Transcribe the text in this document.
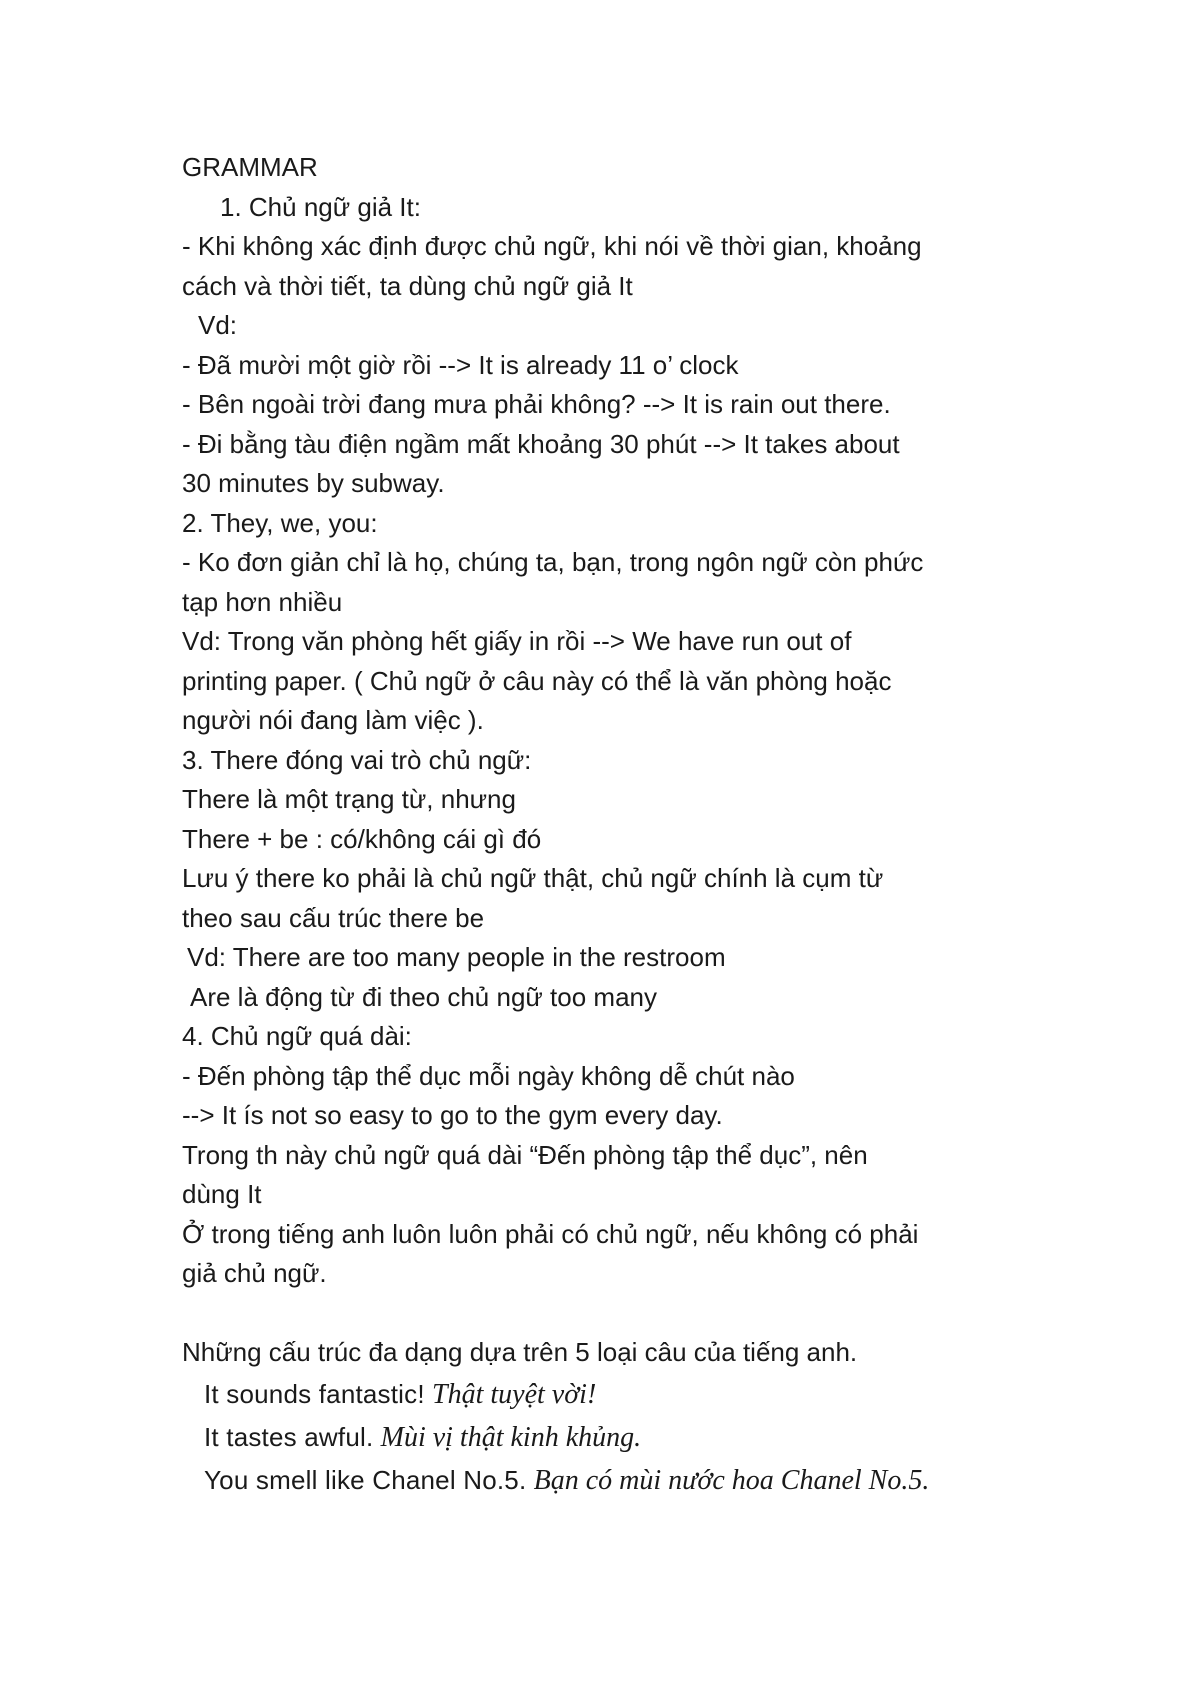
GRAMMAR
1. Chủ ngữ giả It:
- Khi không xác định được chủ ngữ, khi nói về thời gian, khoảng
cách và thời tiết, ta dùng chủ ngữ giả It
Vd:
- Đã mười một giờ rồi --> It is already 11 o’ clock
- Bên ngoài trời đang mưa phải không? --> It is rain out there.
- Đi bằng tàu điện ngầm mất khoảng 30 phút --> It takes about
30 minutes by subway.
2. They, we, you:
- Ko đơn giản chỉ là họ, chúng ta, bạn, trong ngôn ngữ còn phức
tạp hơn nhiều
Vd: Trong văn phòng hết giấy in rồi --> We have run out of
printing paper. ( Chủ ngữ ở câu này có thể là văn phòng hoặc
người nói đang làm việc ).
3. There đóng vai trò chủ ngữ:
There là một trạng từ, nhưng
There + be : có/không cái gì đó
Lưu ý there ko phải là chủ ngữ thật, chủ ngữ chính là cụm từ
theo sau cấu trúc there be
Vd: There are too many people in the restroom
Are là động từ đi theo chủ ngữ too many
4. Chủ ngữ quá dài:
- Đến phòng tập thể dục mỗi ngày không dễ chút nào
--> It ís not so easy to go to the gym every day.
Trong th này chủ ngữ quá dài “Đến phòng tập thể dục”, nên
dùng It
Ở trong tiếng anh luôn luôn phải có chủ ngữ, nếu không có phải
giả chủ ngữ.
Những cấu trúc đa dạng dựa trên 5 loại câu của tiếng anh.
It sounds fantastic! Thật tuyệt vời!
It tastes awful. Mùi vị thật kinh khủng.
You smell like Chanel No.5. Bạn có mùi nước hoa Chanel No.5.
